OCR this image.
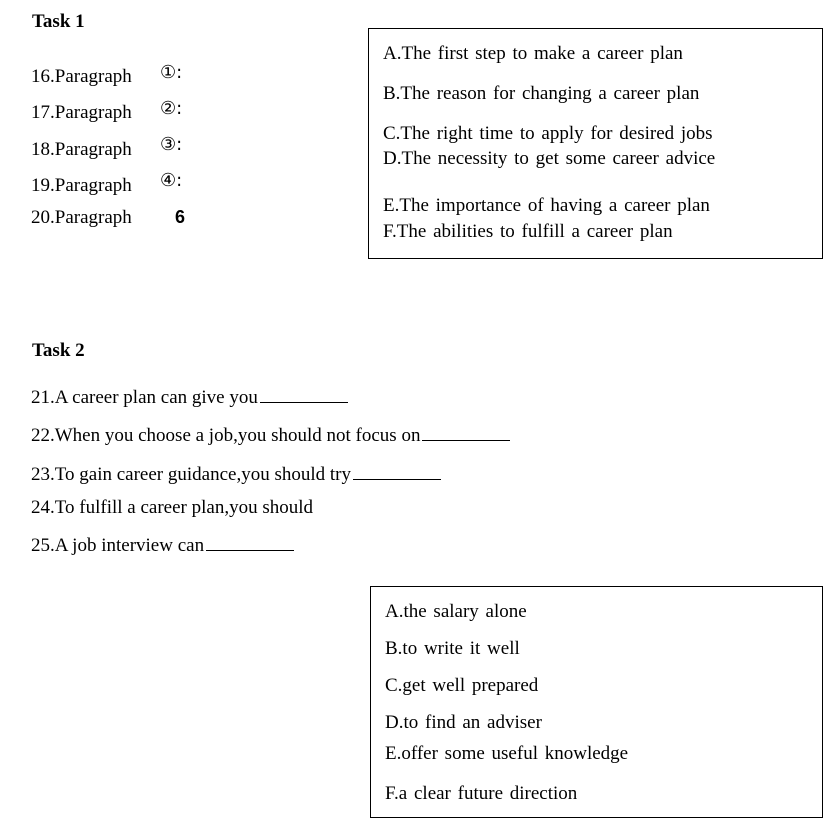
Task 1
16.Paragraph ①:
17.Paragraph ②:
18.Paragraph ③:
19.Paragraph ④:
20.Paragraph 6
A.The first step to make a career plan
B.The reason for changing a career plan
C.The right time to apply for desired jobs
D.The necessity to get some career advice
E.The importance of having a career plan
F.The abilities to fulfill a career plan
Task 2
21.A career plan can give you
22.When you choose a job,you should not focus on
23.To gain career guidance,you should try
24.To fulfill a career plan,you should
25.A job interview can
A.the salary alone
B.to write it well
C.get well prepared
D.to find an adviser
E.offer some useful knowledge
F.a clear future direction
